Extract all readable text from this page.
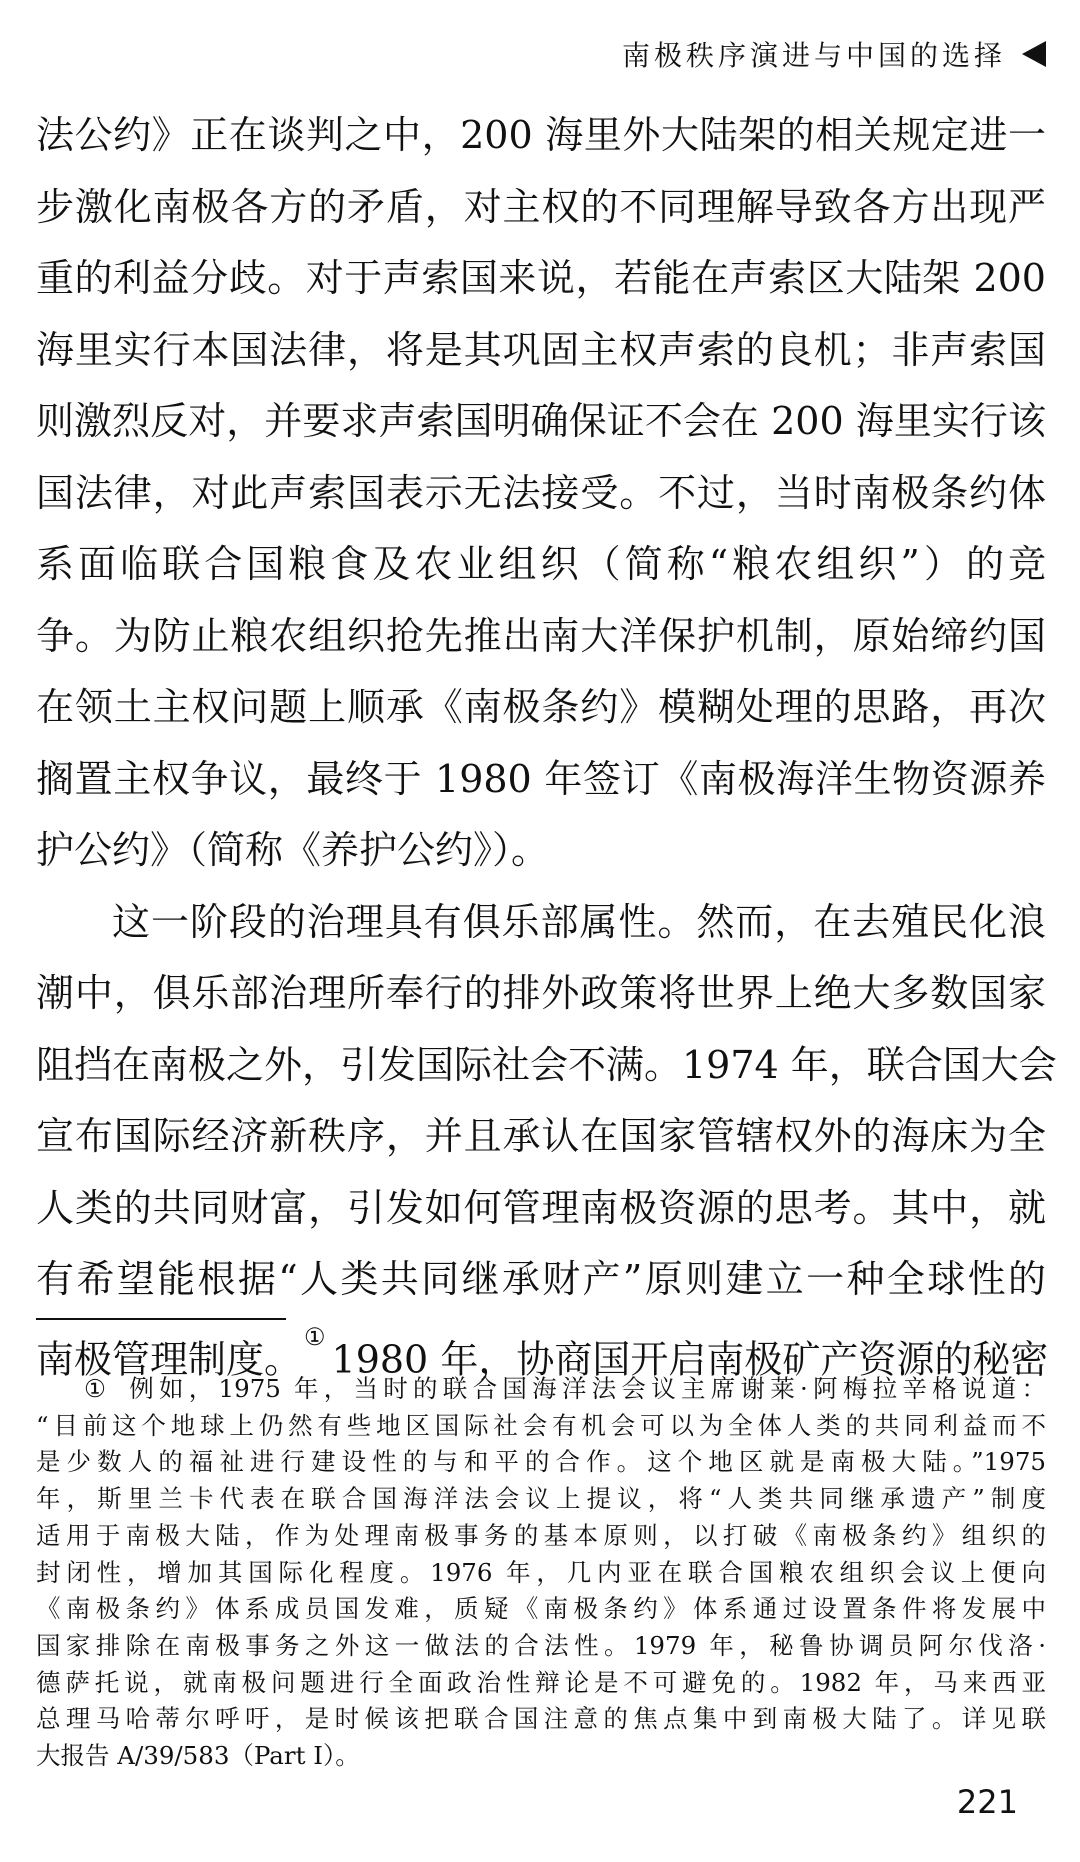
南极秩序演进与中国的选择

法公约》正在谈判之中，200 海里外大陆架的相关规定进一
步激化南极各方的矛盾，对主权的不同理解导致各方出现严
重的利益分歧。对于声索国来说，若能在声索区大陆架 200
海里实行本国法律，将是其巩固主权声索的良机；非声索国
则激烈反对，并要求声索国明确保证不会在 200 海里实行该
国法律，对此声索国表示无法接受。不过，当时南极条约体
系面临联合国粮食及农业组织（简称“粮农组织”）的竞
争。为防止粮农组织抢先推出南大洋保护机制，原始缔约国
在领土主权问题上顺承《南极条约》模糊处理的思路，再次
搁置主权争议，最终于 1980 年签订《南极海洋生物资源养
护公约》（简称《养护公约》）。

这一阶段的治理具有俱乐部属性。然而，在去殖民化浪
潮中，俱乐部治理所奉行的排外政策将世界上绝大多数国家
阻挡在南极之外，引发国际社会不满。1974 年，联合国大会
宣布国际经济新秩序，并且承认在国家管辖权外的海床为全
人类的共同财富，引发如何管理南极资源的思考。其中，就
有希望能根据“人类共同继承财产”原则建立一种全球性的
南极管理制度。①1980 年，协商国开启南极矿产资源的秘密

① 例如，1975 年，当时的联合国海洋法会议主席谢莱·阿梅拉辛格说道：
“目前这个地球上仍然有些地区国际社会有机会可以为全体人类的共同利益而不
是少数人的福祉进行建设性的与和平的合作。这个地区就是南极大陆。”1975
年，斯里兰卡代表在联合国海洋法会议上提议，将“人类共同继承遗产”制度
适用于南极大陆，作为处理南极事务的基本原则，以打破《南极条约》组织的
封闭性，增加其国际化程度。1976 年，几内亚在联合国粮农组织会议上便向
《南极条约》体系成员国发难，质疑《南极条约》体系通过设置条件将发展中
国家排除在南极事务之外这一做法的合法性。1979 年，秘鲁协调员阿尔伐洛·
德萨托说，就南极问题进行全面政治性辩论是不可避免的。1982 年，马来西亚
总理马哈蒂尔呼吁，是时候该把联合国注意的焦点集中到南极大陆了。详见联
大报告 A/39/583（Part I）。
221
